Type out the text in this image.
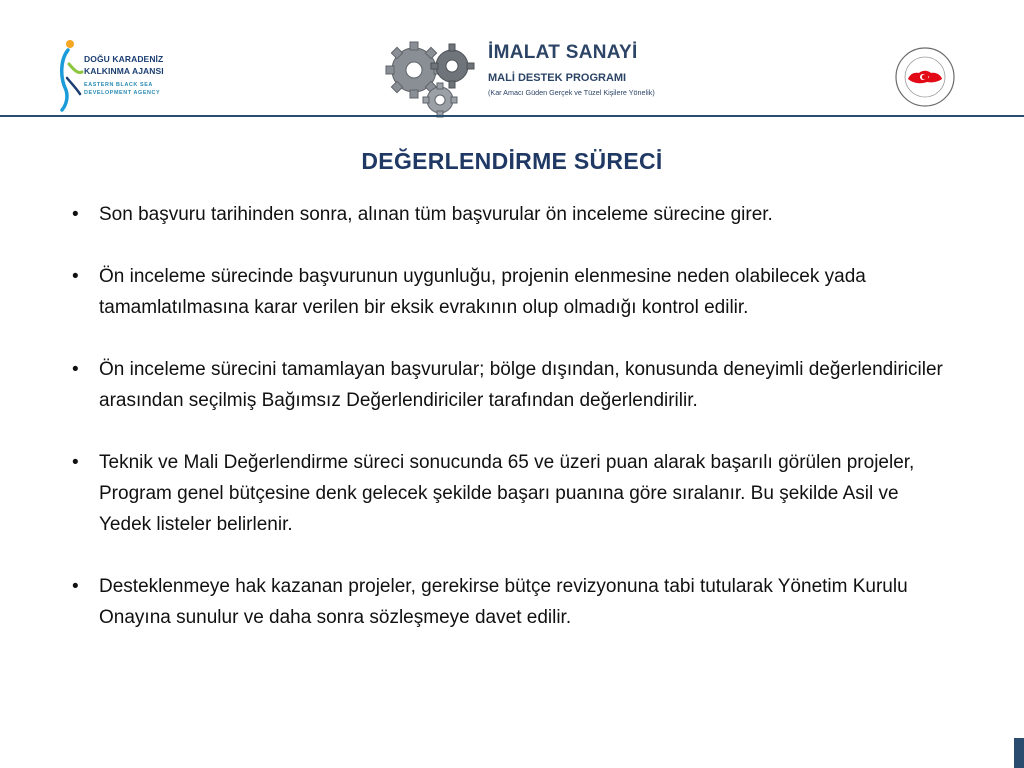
DOĞU KARADENİZ
KALKINMA AJANSI
EASTERN BLACK SEA
DEVELOPMENT AGENCY
İMALAT SANAYİ
MALİ DESTEK PROGRAMI
(Kar Amacı Güden Gerçek ve Tüzel Kişilere Yönelik)
DEĞERLENDİRME SÜRECİ
• Son başvuru tarihinden sonra, alınan tüm başvurular ön inceleme sürecine girer.
• Ön inceleme sürecinde başvurunun uygunluğu, projenin elenmesine neden olabilecek yada tamamlatılmasına karar verilen bir eksik evrakının olup olmadığı kontrol edilir.
• Ön inceleme sürecini tamamlayan başvurular; bölge dışından, konusunda deneyimli değerlendiriciler arasından seçilmiş Bağımsız Değerlendiriciler tarafından değerlendirilir.
• Teknik ve Mali Değerlendirme süreci sonucunda 65 ve üzeri puan alarak başarılı görülen projeler, Program genel bütçesine denk gelecek şekilde başarı puanına göre sıralanır. Bu şekilde Asil ve Yedek listeler belirlenir.
• Desteklenmeye hak kazanan projeler, gerekirse bütçe revizyonuna tabi tutularak Yönetim Kurulu Onayına sunulur ve daha sonra sözleşmeye davet edilir.
